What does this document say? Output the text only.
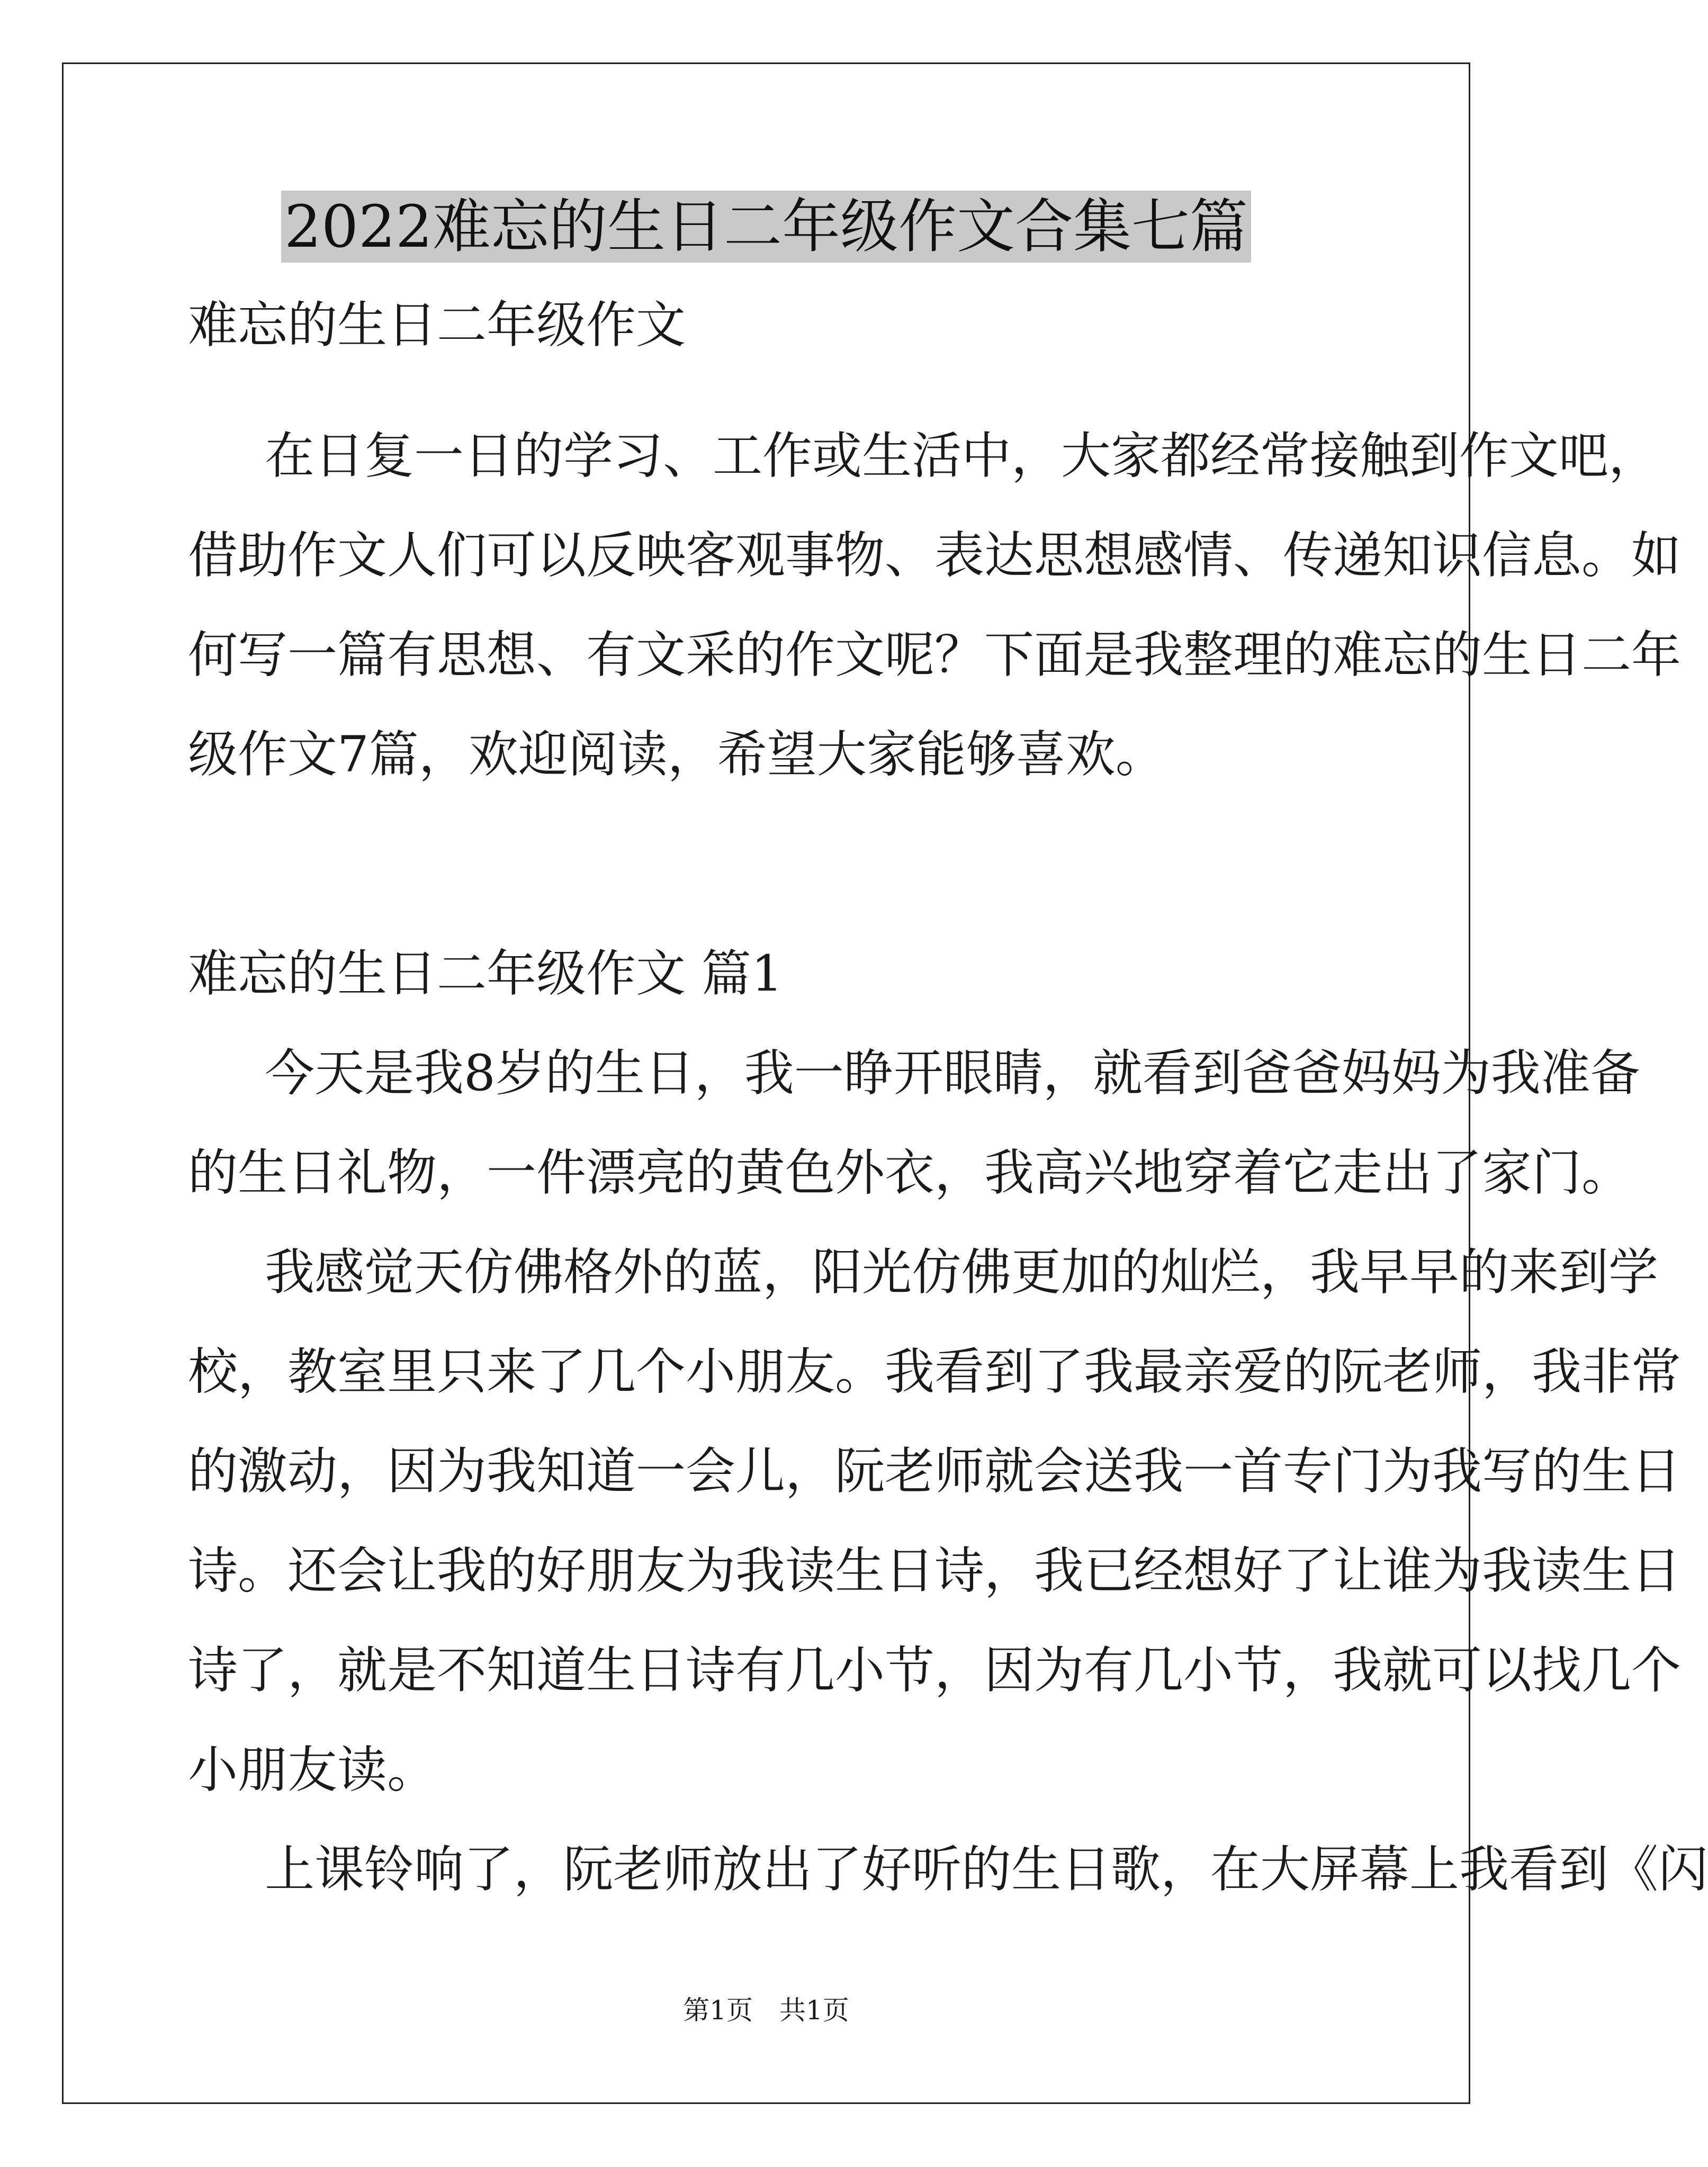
2022难忘的生日二年级作文合集七篇
难忘的生日二年级作文
在日复一日的学习、工作或生活中，大家都经常接触到作文吧，
借助作文人们可以反映客观事物、表达思想感情、传递知识信息。如
何写一篇有思想、有文采的作文呢？下面是我整理的难忘的生日二年
级作文7篇，欢迎阅读，希望大家能够喜欢。
难忘的生日二年级作文 篇1
今天是我8岁的生日，我一睁开眼睛，就看到爸爸妈妈为我准备
的生日礼物，一件漂亮的黄色外衣，我高兴地穿着它走出了家门。
我感觉天仿佛格外的蓝，阳光仿佛更加的灿烂，我早早的来到学
校，教室里只来了几个小朋友。我看到了我最亲爱的阮老师，我非常
的激动，因为我知道一会儿，阮老师就会送我一首专门为我写的生日
诗。还会让我的好朋友为我读生日诗，我已经想好了让谁为我读生日
诗了，就是不知道生日诗有几小节，因为有几小节，我就可以找几个
小朋友读。
上课铃响了，阮老师放出了好听的生日歌，在大屏幕上我看到《闪
第1页　共1页
